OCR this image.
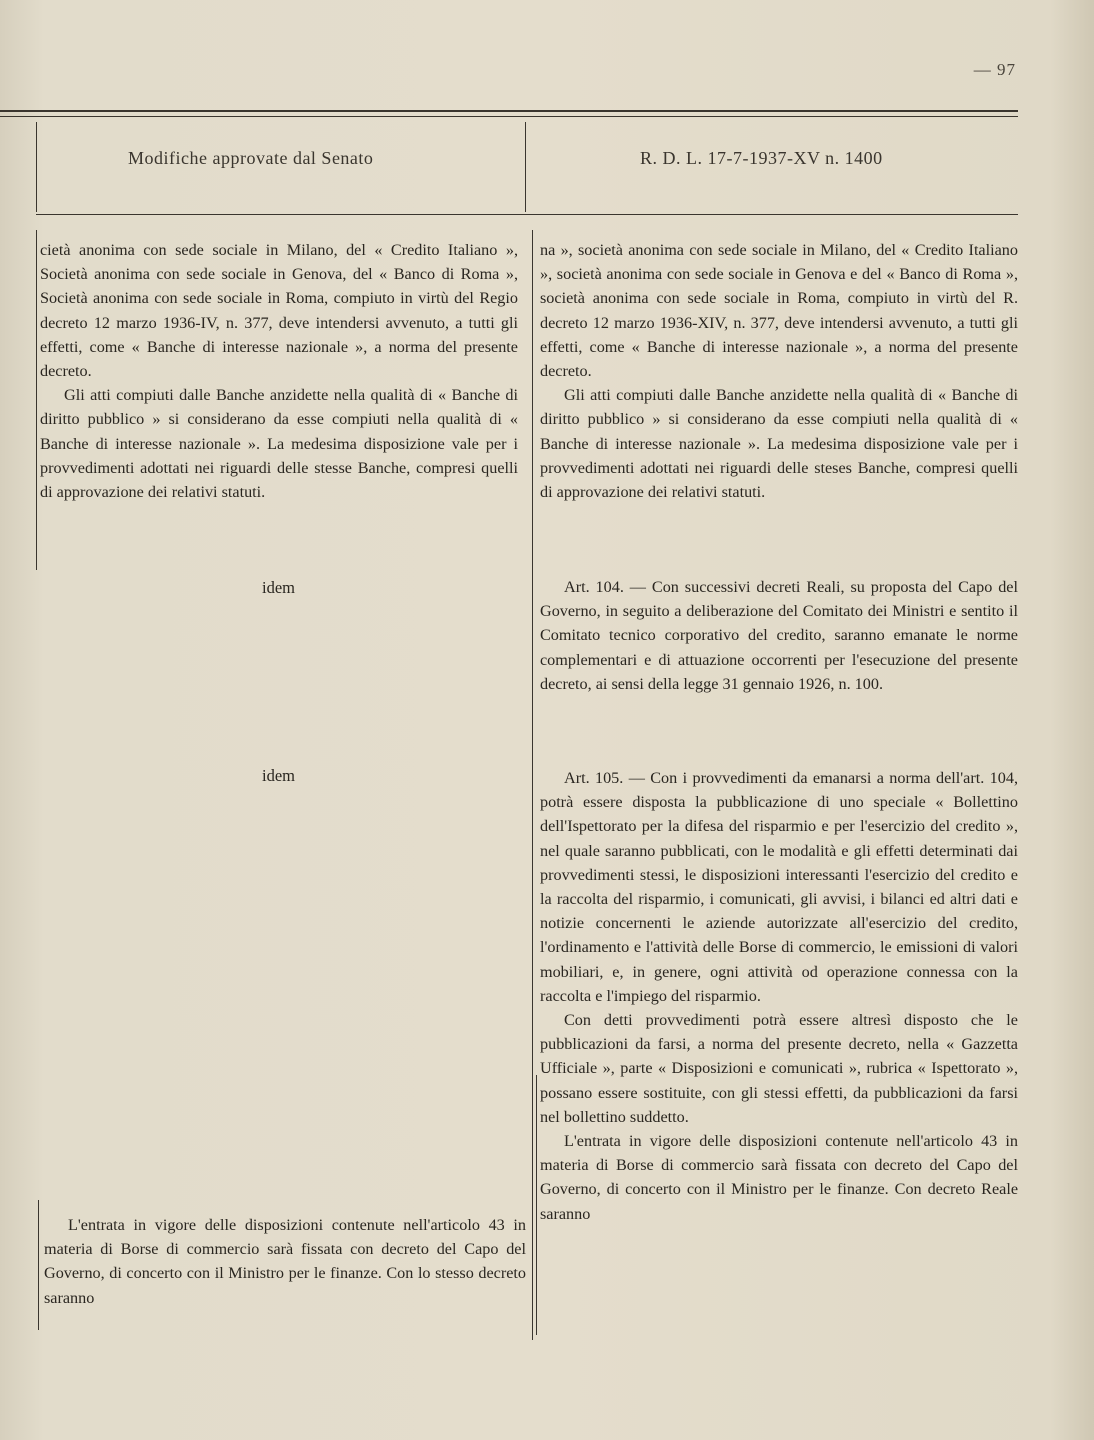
— 97
Modifiche approvate dal Senato	R. D. L. 17-7-1937-XV n. 1400

cietà anonima con sede sociale in Milano, del « Credito Italiano », Società anonima con sede sociale in Genova, del « Banco di Roma », Società anonima con sede sociale in Roma, compiuto in virtù del Regio decreto 12 marzo 1936-IV, n. 377, deve intendersi avvenuto, a tutti gli effetti, come « Banche di interesse nazionale », a norma del presente decreto.

Gli atti compiuti dalle Banche anzidette nella qualità di « Banche di diritto pubblico » si considerano da esse compiuti nella qualità di « Banche di interesse nazionale ». La medesima disposizione vale per i provvedimenti adottati nei riguardi delle stesse Banche, compresi quelli di approvazione dei relativi statuti.

na », società anonima con sede sociale in Milano, del « Credito Italiano », società anonima con sede sociale in Genova e del « Banco di Roma », società anonima con sede sociale in Roma, compiuto in virtù del R. decreto 12 marzo 1936-XIV, n. 377, deve intendersi avvenuto, a tutti gli effetti, come « Banche di interesse nazionale », a norma del presente decreto.

Gli atti compiuti dalle Banche anzidette nella qualità di « Banche di diritto pubblico » si considerano da esse compiuti nella qualità di « Banche di interesse nazionale ». La medesima disposizione vale per i provvedimenti adottati nei riguardi delle steses Banche, compresi quelli di approvazione dei relativi statuti.

idem
idem

Art. 104. — Con successivi decreti Reali, su proposta del Capo del Governo, in seguito a deliberazione del Comitato dei Ministri e sentito il Comitato tecnico corporativo del credito, saranno emanate le norme complementari e di attuazione occorrenti per l'esecuzione del presente decreto, ai sensi della legge 31 gennaio 1926, n. 100.

Art. 105. — Con i provvedimenti da emanarsi a norma dell'art. 104, potrà essere disposta la pubblicazione di uno speciale « Bollettino dell'Ispettorato per la difesa del risparmio e per l'esercizio del credito », nel quale saranno pubblicati, con le modalità e gli effetti determinati dai provvedimenti stessi, le disposizioni interessanti l'esercizio del credito e la raccolta del risparmio, i comunicati, gli avvisi, i bilanci ed altri dati e notizie concernenti le aziende autorizzate all'esercizio del credito, l'ordinamento e l'attività delle Borse di commercio, le emissioni di valori mobiliari, e, in genere, ogni attività od operazione connessa con la raccolta e l'impiego del risparmio.

Con detti provvedimenti potrà essere altresì disposto che le pubblicazioni da farsi, a norma del presente decreto, nella « Gazzetta Ufficiale », parte « Disposizioni e comunicati », rubrica « Ispettorato », possano essere sostituite, con gli stessi effetti, da pubblicazioni da farsi nel bollettino suddetto.

L'entrata in vigore delle disposizioni contenute nell'articolo 43 in materia di Borse di commercio sarà fissata con decreto del Capo del Governo, di concerto con il Ministro per le finanze. Con decreto Reale saranno

L'entrata in vigore delle disposizioni contenute nell'articolo 43 in materia di Borse di commercio sarà fissata con decreto del Capo del Governo, di concerto con il Ministro per le finanze. Con lo stesso decreto saranno
